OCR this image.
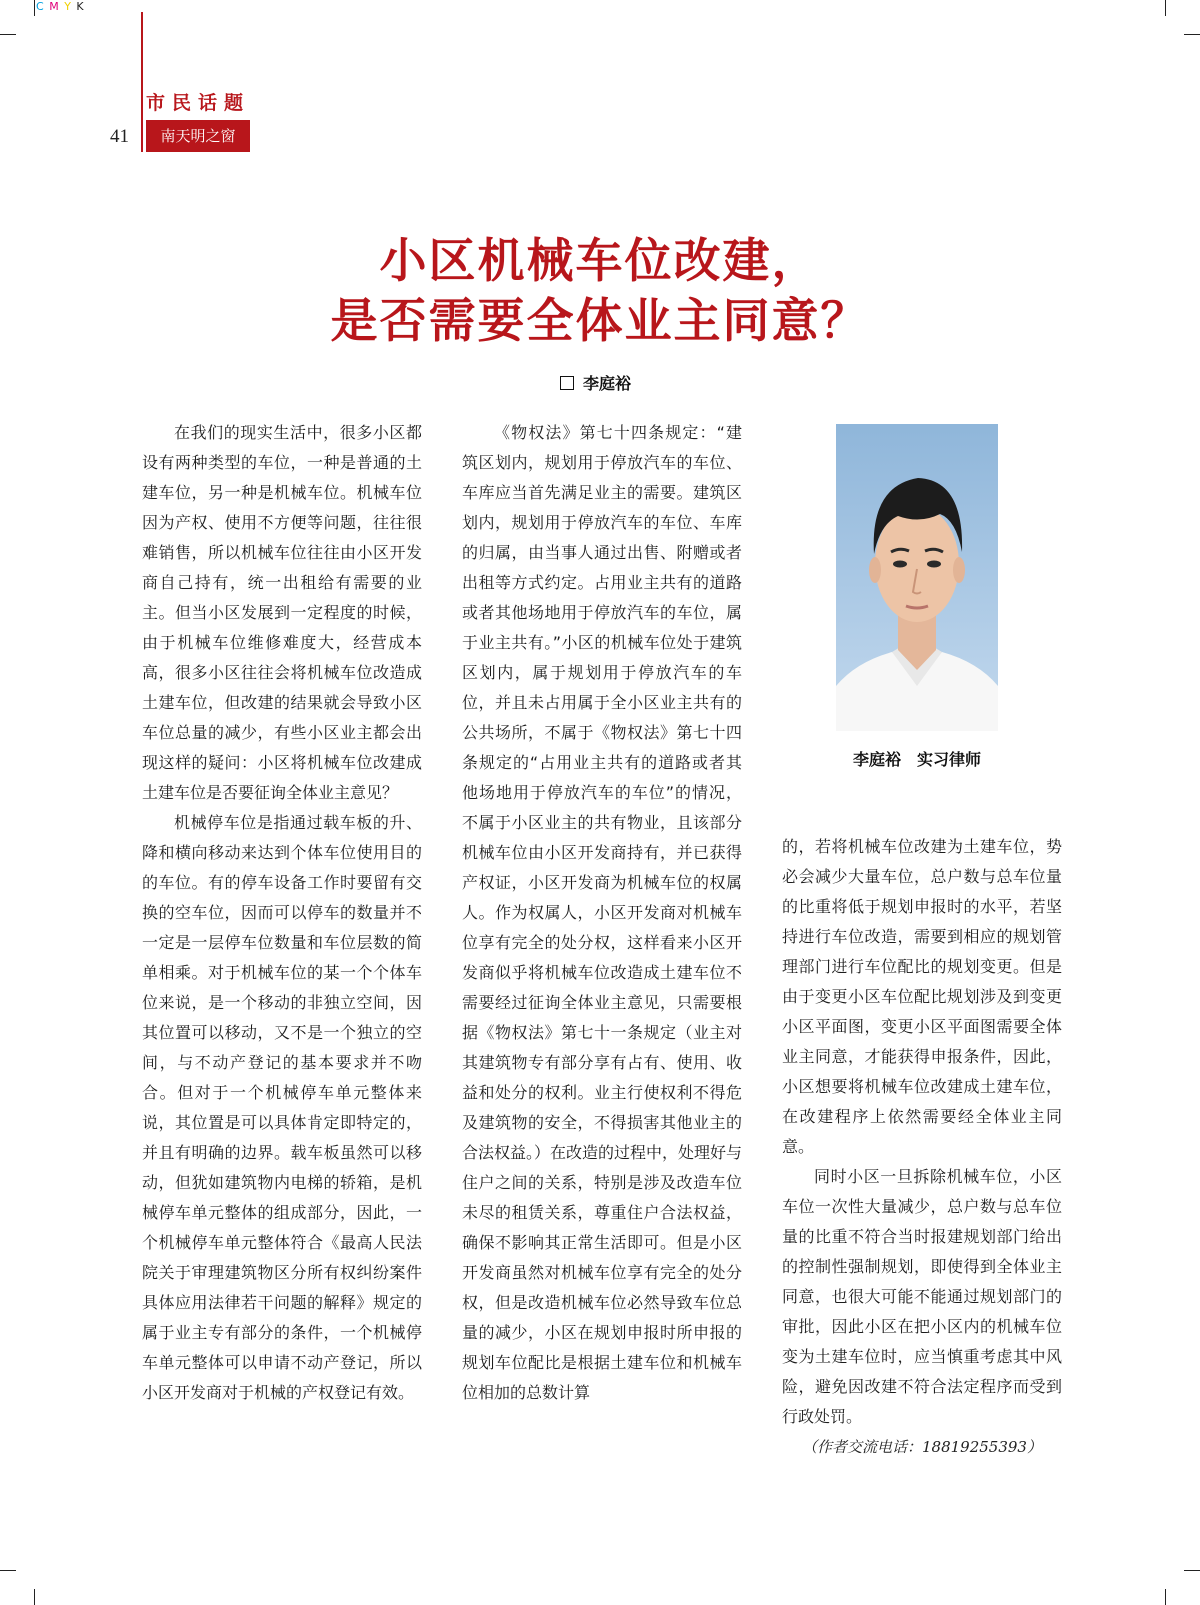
C M Y K
市民话题
41	南天明之窗
小区机械车位改建，
是否需要全体业主同意？
李庭裕

在我们的现实生活中，很多小区都设有两种类型的车位，一种是普通的土建车位，另一种是机械车位。机械车位因为产权、使用不方便等问题，往往很难销售，所以机械车位往往由小区开发商自己持有，统一出租给有需要的业主。但当小区发展到一定程度的时候，由于机械车位维修难度大，经营成本高，很多小区往往会将机械车位改造成土建车位，但改建的结果就会导致小区车位总量的减少，有些小区业主都会出现这样的疑问：小区将机械车位改建成土建车位是否要征询全体业主意见？

机械停车位是指通过载车板的升、降和横向移动来达到个体车位使用目的的车位。有的停车设备工作时要留有交换的空车位，因而可以停车的数量并不一定是一层停车位数量和车位层数的简单相乘。对于机械车位的某一个个体车位来说，是一个移动的非独立空间，因其位置可以移动，又不是一个独立的空间，与不动产登记的基本要求并不吻合。但对于一个机械停车单元整体来说，其位置是可以具体肯定即特定的，并且有明确的边界。载车板虽然可以移动，但犹如建筑物内电梯的轿箱，是机械停车单元整体的组成部分，因此，一个机械停车单元整体符合《最高人民法院关于审理建筑物区分所有权纠纷案件具体应用法律若干问题的解释》规定的属于业主专有部分的条件，一个机械停车单元整体可以申请不动产登记，所以小区开发商对于机械的产权登记有效。

《物权法》第七十四条规定：“建筑区划内，规划用于停放汽车的车位、车库应当首先满足业主的需要。建筑区划内，规划用于停放汽车的车位、车库的归属，由当事人通过出售、附赠或者出租等方式约定。占用业主共有的道路或者其他场地用于停放汽车的车位，属于业主共有。”小区的机械车位处于建筑区划内，属于规划用于停放汽车的车位，并且未占用属于全小区业主共有的公共场所，不属于《物权法》第七十四条规定的“占用业主共有的道路或者其他场地用于停放汽车的车位”的情况，不属于小区业主的共有物业，且该部分机械车位由小区开发商持有，并已获得产权证，小区开发商为机械车位的权属人。作为权属人，小区开发商对机械车位享有完全的处分权，这样看来小区开发商似乎将机械车位改造成土建车位不需要经过征询全体业主意见，只需要根据《物权法》第七十一条规定（业主对其建筑物专有部分享有占有、使用、收益和处分的权利。业主行使权利不得危及建筑物的安全，不得损害其他业主的合法权益。）在改造的过程中，处理好与住户之间的关系，特别是涉及改造车位未尽的租赁关系，尊重住户合法权益，确保不影响其正常生活即可。但是小区开发商虽然对机械车位享有完全的处分权，但是改造机械车位必然导致车位总量的减少，小区在规划申报时所申报的规划车位配比是根据土建车位和机械车位相加的总数计算

李庭裕　实习律师

的，若将机械车位改建为土建车位，势必会减少大量车位，总户数与总车位量的比重将低于规划申报时的水平，若坚持进行车位改造，需要到相应的规划管理部门进行车位配比的规划变更。但是由于变更小区车位配比规划涉及到变更小区平面图，变更小区平面图需要全体业主同意，才能获得申报条件，因此，小区想要将机械车位改建成土建车位，在改建程序上依然需要经全体业主同意。

同时小区一旦拆除机械车位，小区车位一次性大量减少，总户数与总车位量的比重不符合当时报建规划部门给出的控制性强制规划，即使得到全体业主同意，也很大可能不能通过规划部门的审批，因此小区在把小区内的机械车位变为土建车位时，应当慎重考虑其中风险，避免因改建不符合法定程序而受到行政处罚。

（作者交流电话：18819255393）
